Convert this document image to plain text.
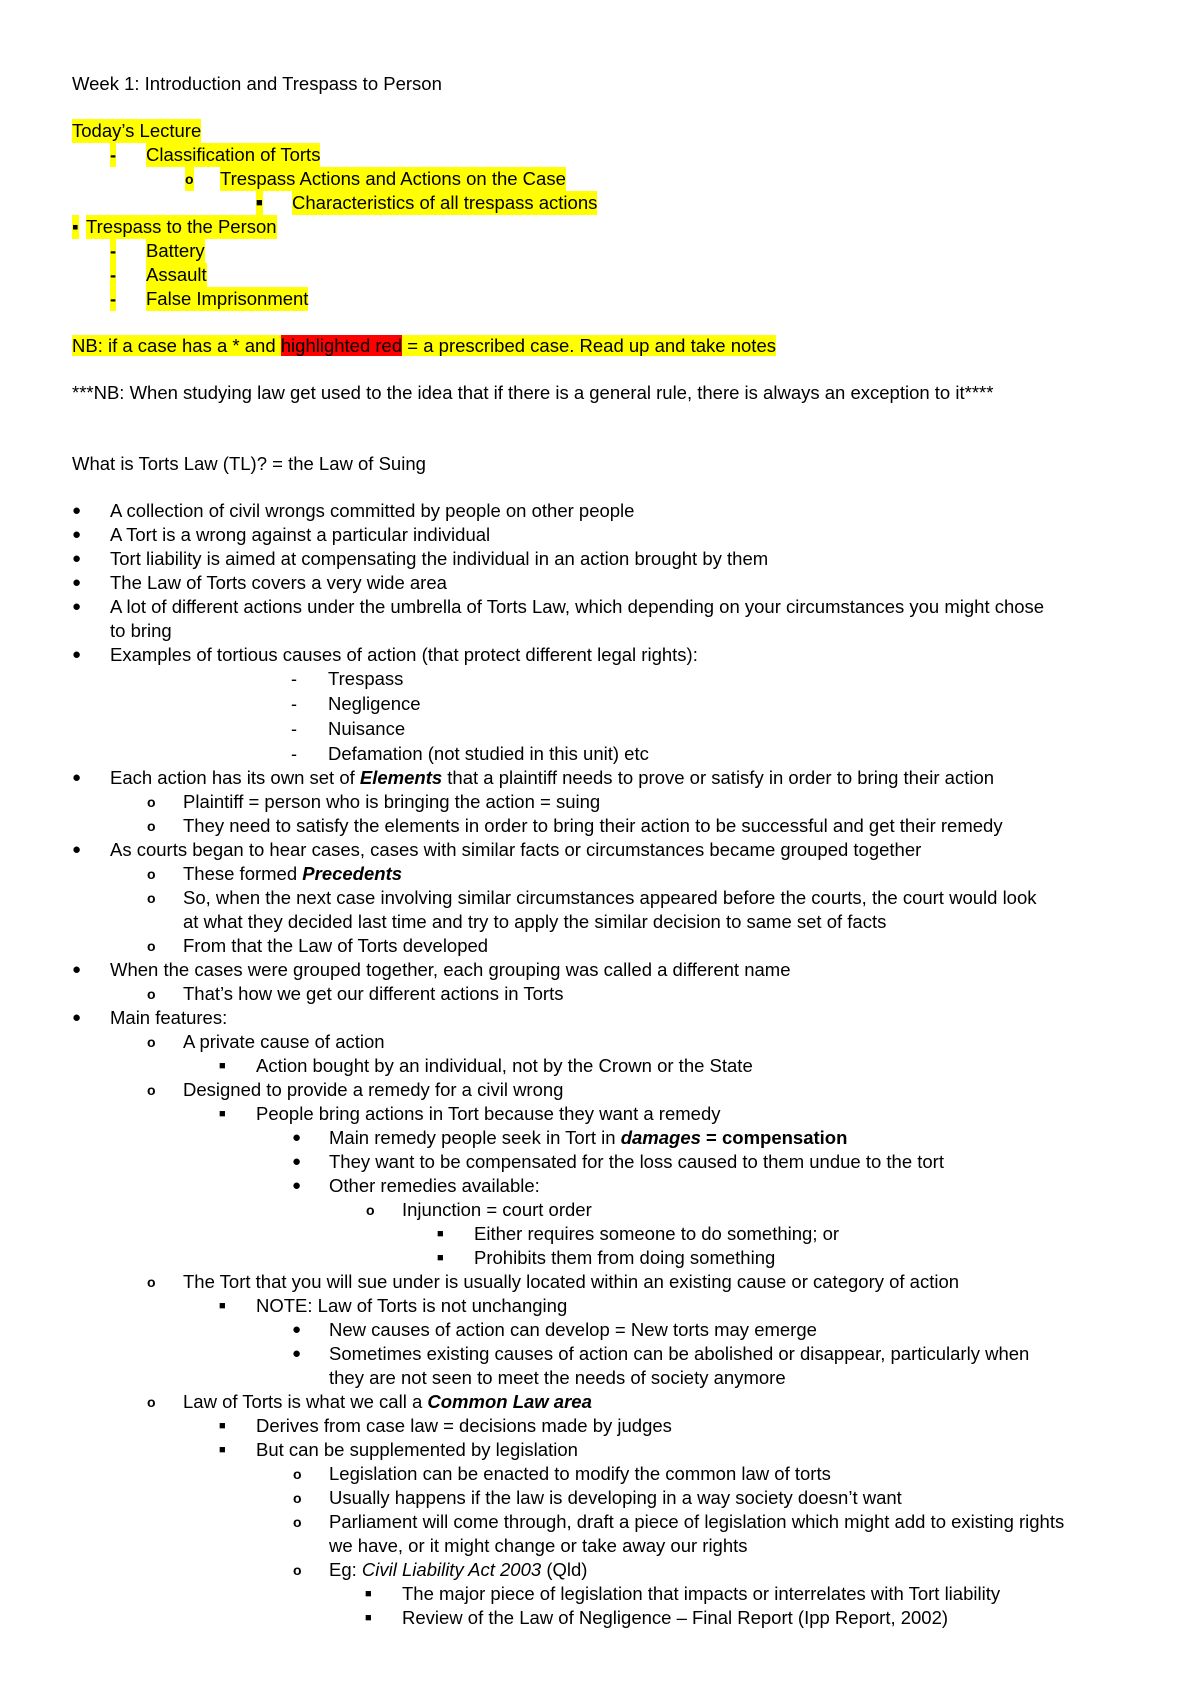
Week 1: Introduction and Trespass to Person
Today’s Lecture
- Classification of Torts
o Trespass Actions and Actions on the Case
■ Characteristics of all trespass actions
▪ Trespass to the Person
- Battery
- Assault
- False Imprisonment
NB: if a case has a * and highlighted red = a prescribed case. Read up and take notes
***NB: When studying law get used to the idea that if there is a general rule, there is always an exception to it****
What is Torts Law (TL)? = the Law of Suing
● A collection of civil wrongs committed by people on other people
● A Tort is a wrong against a particular individual
● Tort liability is aimed at compensating the individual in an action brought by them
● The Law of Torts covers a very wide area
● A lot of different actions under the umbrella of Torts Law, which depending on your circumstances you might chose
to bring
● Examples of tortious causes of action (that protect different legal rights):
- Trespass
- Negligence
- Nuisance
- Defamation (not studied in this unit) etc
● Each action has its own set of Elements that a plaintiff needs to prove or satisfy in order to bring their action
o Plaintiff = person who is bringing the action = suing
o They need to satisfy the elements in order to bring their action to be successful and get their remedy
● As courts began to hear cases, cases with similar facts or circumstances became grouped together
o These formed Precedents
o So, when the next case involving similar circumstances appeared before the courts, the court would look
at what they decided last time and try to apply the similar decision to same set of facts
o From that the Law of Torts developed
● When the cases were grouped together, each grouping was called a different name
o That’s how we get our different actions in Torts
● Main features:
o A private cause of action
■ Action bought by an individual, not by the Crown or the State
o Designed to provide a remedy for a civil wrong
■ People bring actions in Tort because they want a remedy
● Main remedy people seek in Tort in damages = compensation
● They want to be compensated for the loss caused to them undue to the tort
● Other remedies available:
o Injunction = court order
■ Either requires someone to do something; or
■ Prohibits them from doing something
o The Tort that you will sue under is usually located within an existing cause or category of action
■ NOTE: Law of Torts is not unchanging
● New causes of action can develop = New torts may emerge
● Sometimes existing causes of action can be abolished or disappear, particularly when
they are not seen to meet the needs of society anymore
o Law of Torts is what we call a Common Law area
■ Derives from case law = decisions made by judges
■ But can be supplemented by legislation
o Legislation can be enacted to modify the common law of torts
o Usually happens if the law is developing in a way society doesn’t want
o Parliament will come through, draft a piece of legislation which might add to existing rights
we have, or it might change or take away our rights
o Eg: Civil Liability Act 2003 (Qld)
■ The major piece of legislation that impacts or interrelates with Tort liability
■ Review of the Law of Negligence – Final Report (Ipp Report, 2002)
